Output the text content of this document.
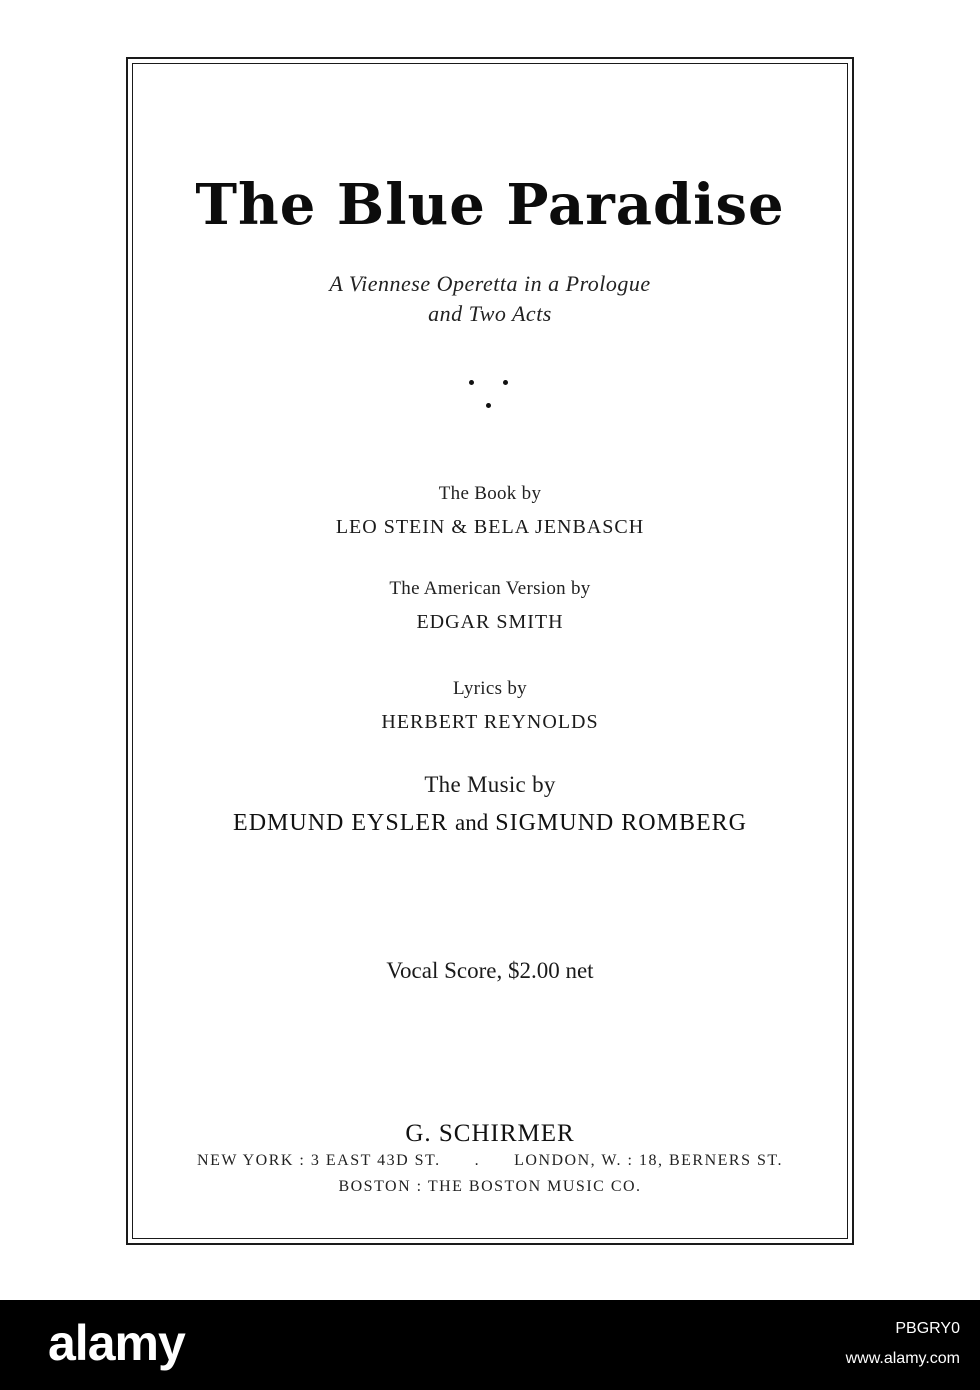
The Blue Paradise
A Viennese Operetta in a Prologue
and Two Acts
The Book by
LEO STEIN & BELA JENBASCH
The American Version by
EDGAR SMITH
Lyrics by
HERBERT REYNOLDS
The Music by
EDMUND EYSLER and SIGMUND ROMBERG
Vocal Score, $2.00 net
G. SCHIRMER
NEW YORK : 3 EAST 43D ST. . LONDON, W. : 18, BERNERS ST.
BOSTON : THE BOSTON MUSIC CO.
alamy	PBGRY0
www.alamy.com
